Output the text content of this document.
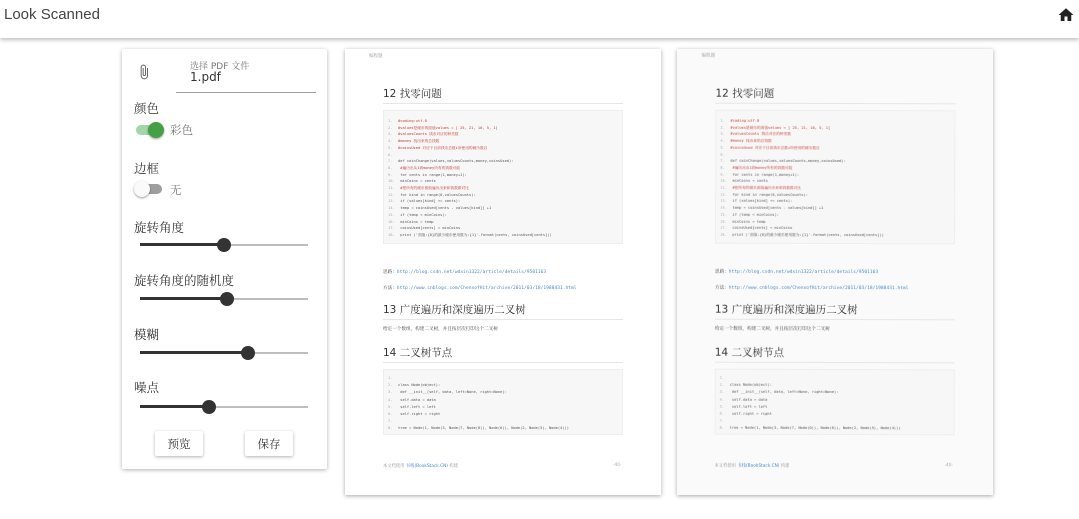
Look Scanned
选择 PDF 文件
1.pdf
颜色
彩色
边框
无
旋转角度
旋转角度的随机度
模糊
噪点
预览	保存
编程题
12 找零问题
1. #coding:utf-8
2. #values是硬币的面值values = [ 25, 21, 10, 5, 1]
3. #valuesCounts 钱币对应的种类数
4. #money 找出来的总钱数
5. #coinsUsed 对应于目前钱币总数i所使用的硬币数目
6.
7. def coinChange(values,valuesCounts,money,coinsUsed):
8. #遍历出从1到money所有的钱数可能
9. for cents in range(1,money+1):
10. minCoins = cents
11. #把所有的硬币面值遍历出来和钱数做对比
12. for kind in range(0,valuesCounts):
13. if (values[kind] <= cents):
14. temp = coinsUsed[cents - values[kind]] +1
15. if (temp < minCoins):
16. minCoins = temp
17. coinsUsed[cents] = minCoins
18. print ('面值:{0}的最少硬币使用数为:{1}'.format(cents, coinsUsed[cents]))
思路：http://blog.csdn.net/wdxin1322/article/details/9501163
方法：http://www.cnblogs.com/ChenxofHit/archive/2011/03/18/1988431.html
13 广度遍历和深度遍历二叉树
给定一个数组，构建二叉树，并且按层次打印这个二叉树
14 二叉树节点
1.
2. class Node(object):
3. def __init__(self, data, left=None, right=None):
4. self.data = data
5. self.left = left
6. self.right = right
7.
8. tree = Node(1, Node(3, Node(7, Node(0)), Node(6)), Node(2, Node(5), Node(4)))
本文档使用 书栈(BookStack.CN) 构建	-40-
编程题
12 找零问题
1. #coding:utf-8
2. #values是硬币的面值values = [ 25, 21, 10, 5, 1]
3. #valuesCounts 钱币对应的种类数
4. #money 找出来的总钱数
5. #coinsUsed 对应于目前钱币总数i所使用的硬币数目
6.
7. def coinChange(values,valuesCounts,money,coinsUsed):
8. #遍历出从1到money所有的钱数可能
9. for cents in range(1,money+1):
10. minCoins = cents
11. #把所有的硬币面值遍历出来和钱数做对比
12. for kind in range(0,valuesCounts):
13. if (values[kind] <= cents):
14. temp = coinsUsed[cents - values[kind]] +1
15. if (temp < minCoins):
16. minCoins = temp
17. coinsUsed[cents] = minCoins
18. print ('面值:{0}的最少硬币使用数为:{1}'.format(cents, coinsUsed[cents]))
思路：http://blog.csdn.net/wdxin1322/article/details/9501163
方法：http://www.cnblogs.com/ChenxofHit/archive/2011/03/18/1988431.html
13 广度遍历和深度遍历二叉树
给定一个数组，构建二叉树，并且按层次打印这个二叉树
14 二叉树节点
1.
2. class Node(object):
3. def __init__(self, data, left=None, right=None):
4. self.data = data
5. self.left = left
6. self.right = right
7.
8. tree = Node(1, Node(3, Node(7, Node(0)), Node(6)), Node(2, Node(5), Node(4)))
本文档使用 书栈(BookStack.CN) 构建	-40-
